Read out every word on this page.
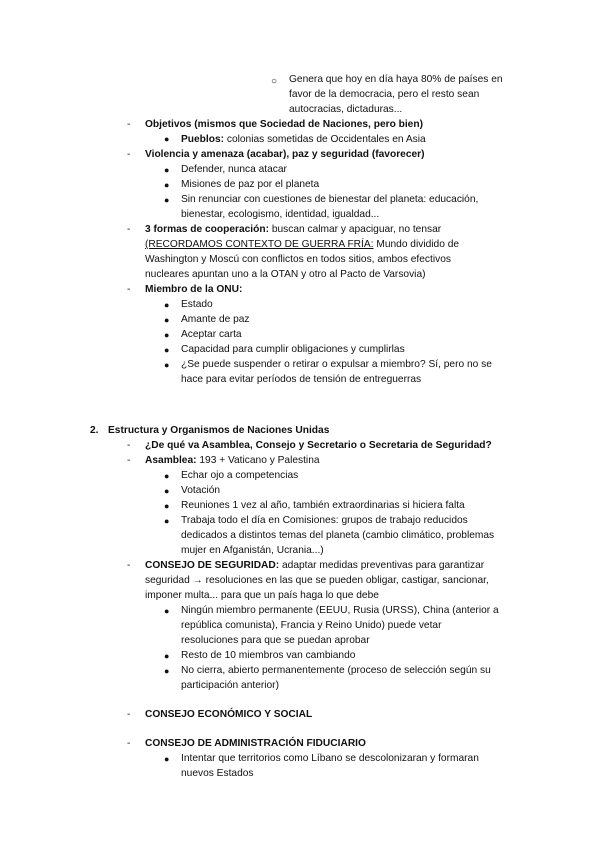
○ Genera que hoy en día haya 80% de países en
favor de la democracia, pero el resto sean
autocracias, dictaduras...
- Objetivos (mismos que Sociedad de Naciones, pero bien)
● Pueblos: colonias sometidas de Occidentales en Asia
- Violencia y amenaza (acabar), paz y seguridad (favorecer)
● Defender, nunca atacar
● Misiones de paz por el planeta
● Sin renunciar con cuestiones de bienestar del planeta: educación,
bienestar, ecologismo, identidad, igualdad...
- 3 formas de cooperación: buscan calmar y apaciguar, no tensar
(RECORDAMOS CONTEXTO DE GUERRA FRÍA: Mundo dividido de
Washington y Moscú con conflictos en todos sitios, ambos efectivos
nucleares apuntan uno a la OTAN y otro al Pacto de Varsovia)
- Miembro de la ONU:
● Estado
● Amante de paz
● Aceptar carta
● Capacidad para cumplir obligaciones y cumplirlas
● ¿Se puede suspender o retirar o expulsar a miembro? Sí, pero no se
hace para evitar períodos de tensión de entreguerras
2. Estructura y Organismos de Naciones Unidas
- ¿De qué va Asamblea, Consejo y Secretario o Secretaria de Seguridad?
- Asamblea: 193 + Vaticano y Palestina
● Echar ojo a competencias
● Votación
● Reuniones 1 vez al año, también extraordinarias si hiciera falta
● Trabaja todo el día en Comisiones: grupos de trabajo reducidos
dedicados a distintos temas del planeta (cambio climático, problemas
mujer en Afganistán, Ucrania...)
- CONSEJO DE SEGURIDAD: adaptar medidas preventivas para garantizar
seguridad → resoluciones en las que se pueden obligar, castigar, sancionar,
imponer multa... para que un país haga lo que debe
● Ningún miembro permanente (EEUU, Rusia (URSS), China (anterior a
república comunista), Francia y Reino Unido) puede vetar
resoluciones para que se puedan aprobar
● Resto de 10 miembros van cambiando
● No cierra, abierto permanentemente (proceso de selección según su
participación anterior)
- CONSEJO ECONÓMICO Y SOCIAL
- CONSEJO DE ADMINISTRACIÓN FIDUCIARIO
● Intentar que territorios como Líbano se descolonizaran y formaran
nuevos Estados
